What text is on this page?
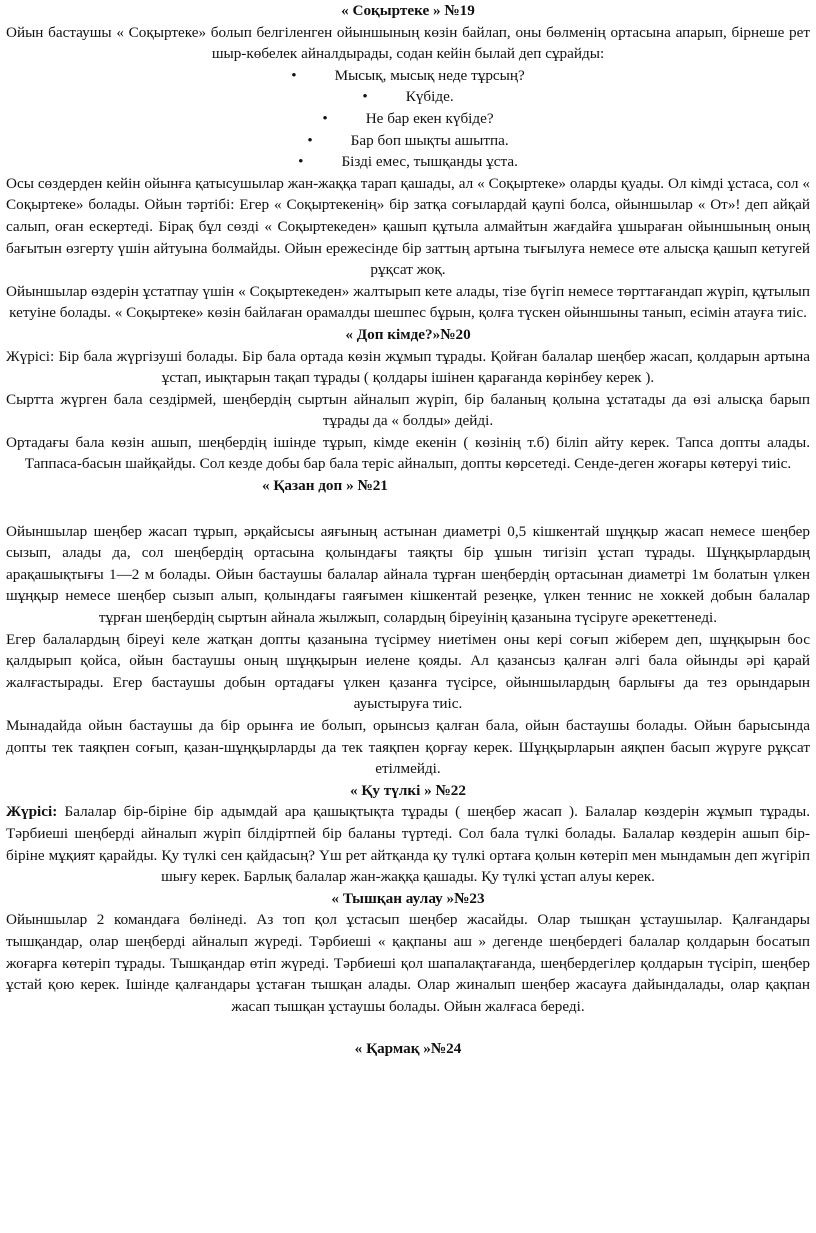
« Соқыртеке » №19

Ойын бастаушы « Соқыртеке» болып белгіленген ойыншының көзін байлап, оны бөлменің ортасына апарып, бірнеше рет шыр-көбелек айналдырады, содан кейін былай деп сұрайды:

•	Мысық, мысық неде тұрсың?
•	Күбіде.
•	Не бар екен күбіде?
•	Бар боп шықты ашытпа.
•	Бізді емес, тышқанды ұста.

Осы сөздерден кейін ойынға қатысушылар жан-жаққа тарап қашады, ал « Соқыртеке» оларды қуады. Ол кімді ұстаса, сол « Соқыртеке» болады. Ойын тәртібі: Егер « Соқыртекенің» бір затқа соғылардай қаупі болса, ойыншылар « От»! деп айқай салып, оған ескертеді. Бірақ бұл сөзді « Соқыртекеден» қашып құтыла алмайтын жағдайға ұшыраған ойыншының оның бағытын өзгерту үшін айтуына болмайды. Ойын ережесінде бір заттың артына тығылуға немесе өте алысқа қашып кетугей рұқсат жоқ.

Ойыншылар өздерін ұстатпау үшін « Соқыртекеден» жалтырып кете алады, тізе бүгіп немесе төрттағандап жүріп, құтылып кетуіне болады. « Соқыртеке» көзін байлаған орамалды шешпес бұрын, қолға түскен ойыншыны танып, есімін атауға тиіс.

« Доп кімде?»№20

Жүрісі: Бір бала жүргізуші болады. Бір бала ортада көзін жұмып тұрады. Қойған балалар шеңбер жасап, қолдарын артына ұстап, иықтарын тақап тұрады ( қолдары ішінен қарағанда көрінбеу керек ).

Сыртта жүрген бала сездірмей, шеңбердің сыртын айналып жүріп, бір баланың қолына ұстатады да өзі алысқа барып тұрады да « болды» дейді.

Ортадағы бала көзін ашып, шеңбердің ішінде тұрып, кімде екенін ( көзінің т.б) біліп айту керек. Тапса допты алады. Таппаса-басын шайқайды. Сол кезде добы бар бала теріс айналып, допты көрсетеді. Сенде-деген жоғары көтеруі тиіс.

« Қазан доп » №21

Ойыншылар шеңбер жасап тұрып, әрқайсысы аяғының астынан диаметрі 0,5 кішкентай шұңқыр жасап немесе шеңбер сызып, алады да, сол шеңбердің ортасына қолындағы таяқты бір ұшын тигізіп ұстап тұрады. Шұңқырлардың арақашықтығы 1—2 м болады. Ойын бастаушы балалар айнала тұрған шеңбердің ортасынан диаметрі 1м болатын үлкен шұңқыр немесе шеңбер сызып алып, қолындағы гаяғымен кішкентай резеңке, үлкен теннис не хоккей добын балалар тұрған шеңбердің сыртын айнала жылжып, солардың біреуінің қазанына түсіруге әрекеттенеді.

Егер балалардың біреуі келе жатқан допты қазанына түсірмеу ниетімен оны кері соғып жіберем деп, шұңқырын бос қалдырып қойса, ойын бастаушы оның шұңқырын иеленe қояды. Ал қазансыз қалған әлгі бала ойынды әрі қарай жалғастырады. Егер бастаушы добын ортадағы үлкен қазанға түсірсе, ойыншылардың барлығы да тез орындарын ауыстыруға тиіс.

Мынадайда ойын бастаушы да бір орынға ие болып, орынсыз қалған бала, ойын бастаушы болады. Ойын барысында допты тек таяқпен соғып, қазан-шұңқырларды да тек таяқпен қорғау керек. Шұңқырларын аяқпен басып жүруге рұқсат етілмейді.

« Қу түлкі » №22

Жүрісі: Балалар бір-біріне бір адымдай ара қашықтықта тұрады ( шеңбер жасап ). Балалар көздерін жұмып тұрады. Тәрбиеші шеңберді айналып жүріп білдіртпей бір баланы түртеді. Сол бала түлкі болады. Балалар көздерін ашып бір-біріне мұқият қарайды. Қу түлкі сен қайдасың? Үш рет айтқанда қу түлкі ортаға қолын көтеріп мен мындамын деп жүгіріп шығу керек. Барлық балалар жан-жаққа қашады. Қу түлкі ұстап алуы керек.

« Тышқан аулау »№23

Ойыншылар 2 командаға бөлінеді. Аз топ қол ұстасып шеңбер жасайды. Олар тышқан ұстаушылар. Қалғандары тышқандар, олар шеңберді айналып жүреді. Тәрбиеші « қақпаны аш » дегенде шеңбердегі балалар қолдарын босатып жоғарға көтеріп тұрады. Тышқандар өтіп жүреді. Тәрбиеші қол шапалақтағанда, шеңбердегілер қолдарын түсіріп, шеңбер ұстай қою керек. Ішінде қалғандары ұстаған тышқан алады. Олар жиналып шеңбер жасауға дайындалады, олар қақпан жасап тышқан ұстаушы болады. Ойын жалғаса береді.

« Қармақ »№24
